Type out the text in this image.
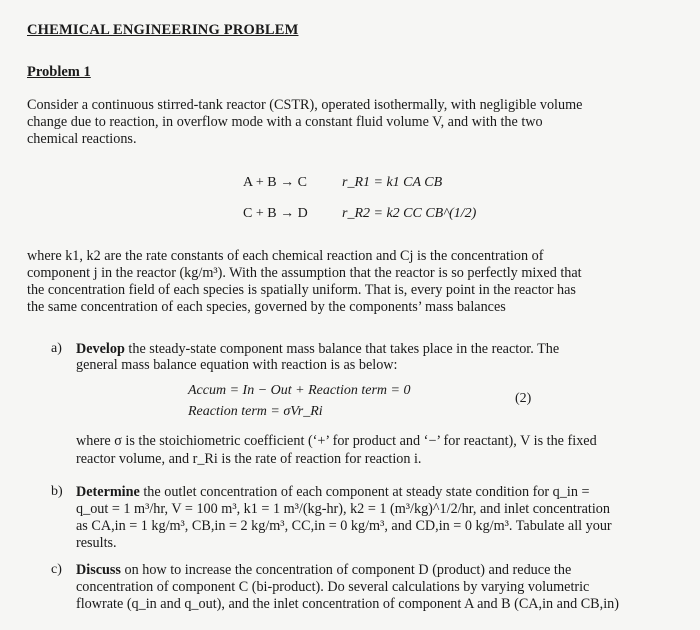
CHEMICAL ENGINEERING PROBLEM
Problem 1
Consider a continuous stirred-tank reactor (CSTR), operated isothermally, with negligible volume
change due to reaction, in overflow mode with a constant fluid volume V, and with the two
chemical reactions.
A + B → C	r_R1 = k1 CA CB
C + B → D r_R2 = k2 CC CB^(1/2)
where k1, k2 are the rate constants of each chemical reaction and Cj is the concentration of
component j in the reactor (kg/m³). With the assumption that the reactor is so perfectly mixed that
the concentration field of each species is spatially uniform. That is, every point in the reactor has
the same concentration of each species, governed by the components’ mass balances
a) Develop the steady-state component mass balance that takes place in the reactor. The
general mass balance equation with reaction is as below:
Accum = In − Out + Reaction term = 0
(2)
Reaction term = σVr_Ri
where σ is the stoichiometric coefficient (‘+’ for product and ‘−’ for reactant), V is the fixed
reactor volume, and r_Ri is the rate of reaction for reaction i.
b) Determine the outlet concentration of each component at steady state condition for q_in =
q_out = 1 m³/hr, V = 100 m³, k1 = 1 m³/(kg-hr), k2 = 1 (m³/kg)^1/2/hr, and inlet concentration
as CA,in = 1 kg/m³, CB,in = 2 kg/m³, CC,in = 0 kg/m³, and CD,in = 0 kg/m³. Tabulate all your
results.
c) Discuss on how to increase the concentration of component D (product) and reduce the
concentration of component C (bi-product). Do several calculations by varying volumetric
flowrate (q_in and q_out), and the inlet concentration of component A and B (CA,in and CB,in)
